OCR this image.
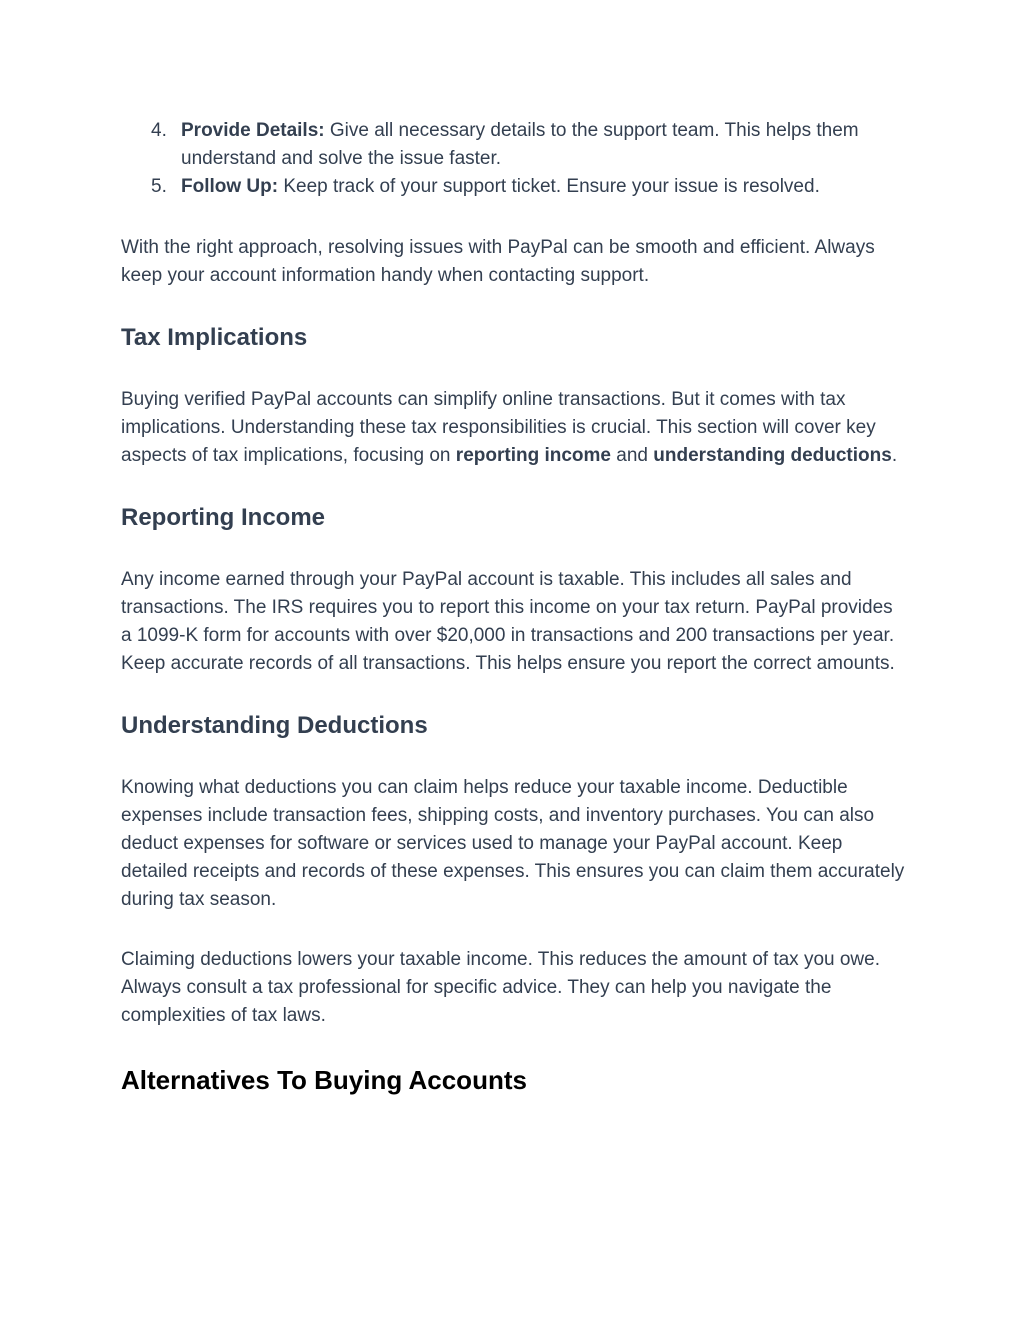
4. Provide Details: Give all necessary details to the support team. This helps them understand and solve the issue faster.
5. Follow Up: Keep track of your support ticket. Ensure your issue is resolved.

With the right approach, resolving issues with PayPal can be smooth and efficient. Always keep your account information handy when contacting support.

Tax Implications

Buying verified PayPal accounts can simplify online transactions. But it comes with tax implications. Understanding these tax responsibilities is crucial. This section will cover key aspects of tax implications, focusing on reporting income and understanding deductions.

Reporting Income

Any income earned through your PayPal account is taxable. This includes all sales and transactions. The IRS requires you to report this income on your tax return. PayPal provides a 1099-K form for accounts with over $20,000 in transactions and 200 transactions per year. Keep accurate records of all transactions. This helps ensure you report the correct amounts.

Understanding Deductions

Knowing what deductions you can claim helps reduce your taxable income. Deductible expenses include transaction fees, shipping costs, and inventory purchases. You can also deduct expenses for software or services used to manage your PayPal account. Keep detailed receipts and records of these expenses. This ensures you can claim them accurately during tax season.

Claiming deductions lowers your taxable income. This reduces the amount of tax you owe. Always consult a tax professional for specific advice. They can help you navigate the complexities of tax laws.

Alternatives To Buying Accounts
